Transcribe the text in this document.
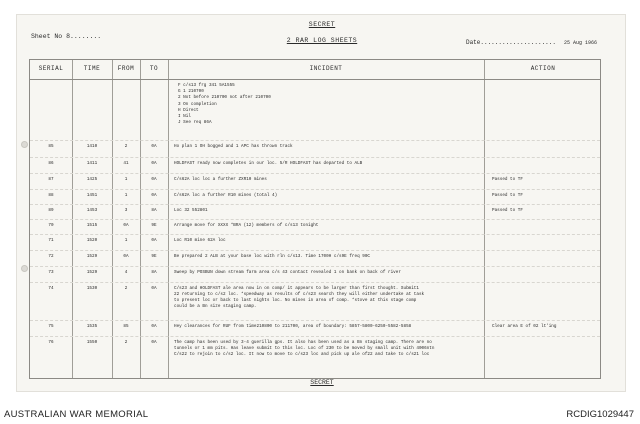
SECRET
Sheet No 8........
2 RAR LOG SHEETS	Date..................... 25 Aug 1966
SERIAL	TIME	FROM	TO	INCIDENT	ACTION
F c/s13 frg 341 5A1555
G 1 210700
2 Not before 210700 not after 210700
3 On completion
H Direct
I Nil
J See req 86A
85	1410	2	0A	Ho plan 1 OH bogged and 1 APC has thrown track
86	1411	41	0A	HOLDFAST ready now completes in our loc. 5/R HOLDFAST has departed to ALB
87	1425	1	0A	C/s62A loc loc a further ZXR10 mines	Passed to TF
88	1451	1	0A	C/s62A loc a further R10 mines (total 4)	Passed to TF
89	1453	3	8A	Loc 32 552801	Passed to TF
70	1515	0A	9E	Arrange move for XXXX *BRA (12) members of c/s13 tonight
71	1520	1	0A	Loc R10 mine 62A loc
72	1529	0A	9E	Be prepared 2 ALB at your base loc with rln c/s13. Time 1700H c/s9E freq 90C
73	1529	4	8A	Sweep by POSBUN down stream farm area c/s 43 contact revealed 1 on bank on back of river
74	1530	2	0A	C/s23 and HOLDFAST ale area now in on comp/ it appears to be larger than first thought. Submit1
22 returning to c/s2 loc. *speedway as results of c/s23 search they will either undertake at task
to present loc or back to last nights loc. No mines in area of comp. *stove at this stage comp
could be a Bn size staging camp.
75	1535	85	0A	Hey clearances for RUF from time210800 to 211700, area of boundary: 5857-5800-6250-5582-5858	Clear area E of 02 lt'ing
76	1550	2	0A	The camp has been used by 3-4 guerilla gps. It also has been used as a Bn staging camp. There are no
tunnels or 1 mm pits. Has leave submit to this loc. Loc of 230 to be moved by small unit with 4006ntn
C/s22 to rejoin to c/s2 loc. It now to move to c/s23 loc and pick up ale of22 and take to c/s21 loc
SECRET
AUSTRALIAN WAR MEMORIAL	RCDIG1029447
